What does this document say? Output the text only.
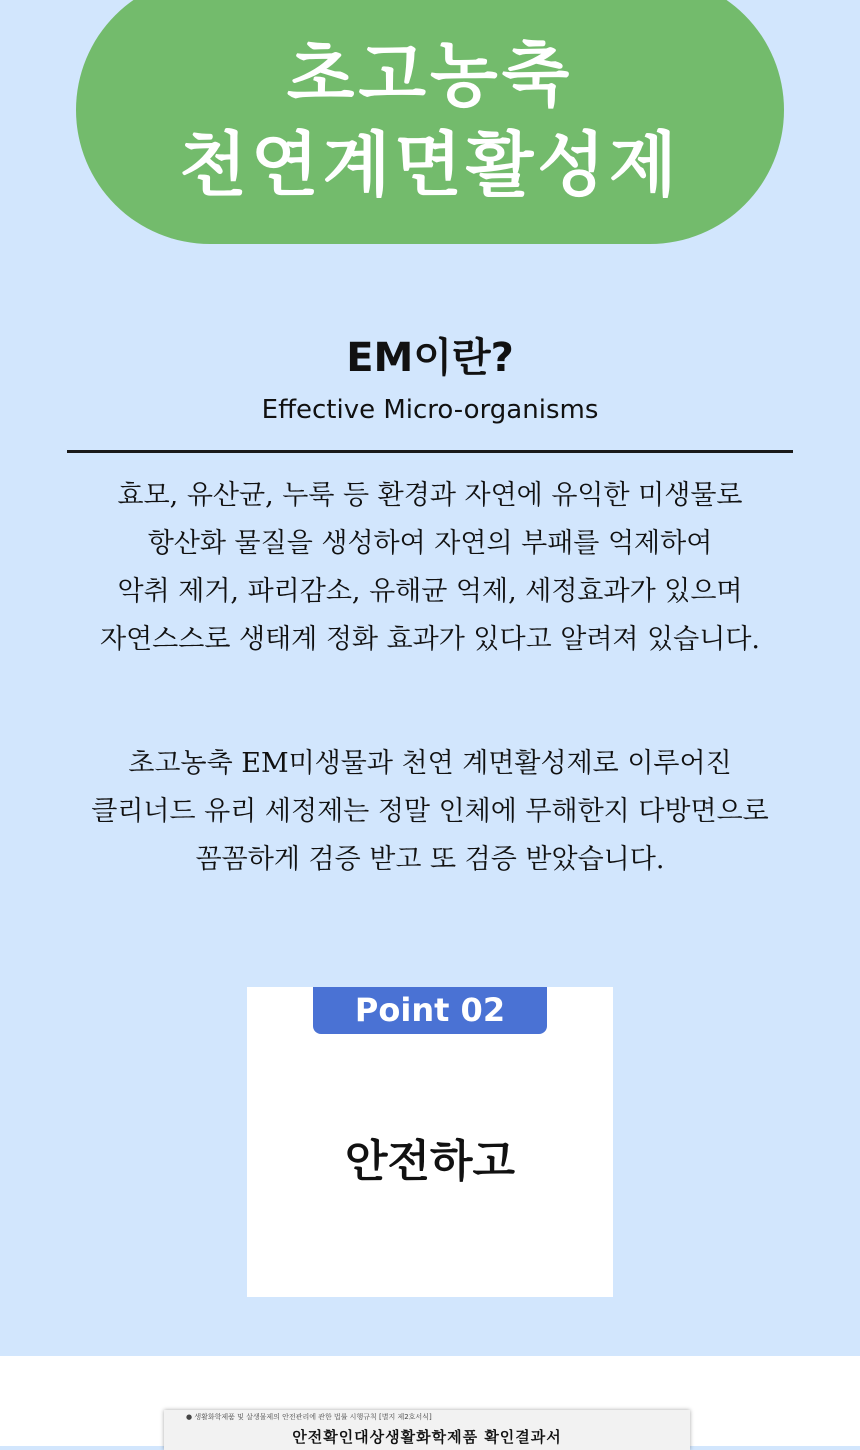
초고농축
천연계면활성제
EM이란?
Effective Micro-organisms
효모, 유산균, 누룩 등 환경과 자연에 유익한 미생물로
항산화 물질을 생성하여 자연의 부패를 억제하여
악취 제거, 파리감소, 유해균 억제, 세정효과가 있으며
자연스스로 생태계 정화 효과가 있다고 알려져 있습니다.
초고농축 EM미생물과 천연 계면활성제로 이루어진
클리너드 유리 세정제는 정말 인체에 무해한지 다방면으로
꼼꼼하게 검증 받고 또 검증 받았습니다.
Point 02
안전하고
● 생활화학제품 및 살생물제의 안전관리에 관한 법률 시행규칙 [별지 제2호서식]
안전확인대상생활화학제품 확인결과서
